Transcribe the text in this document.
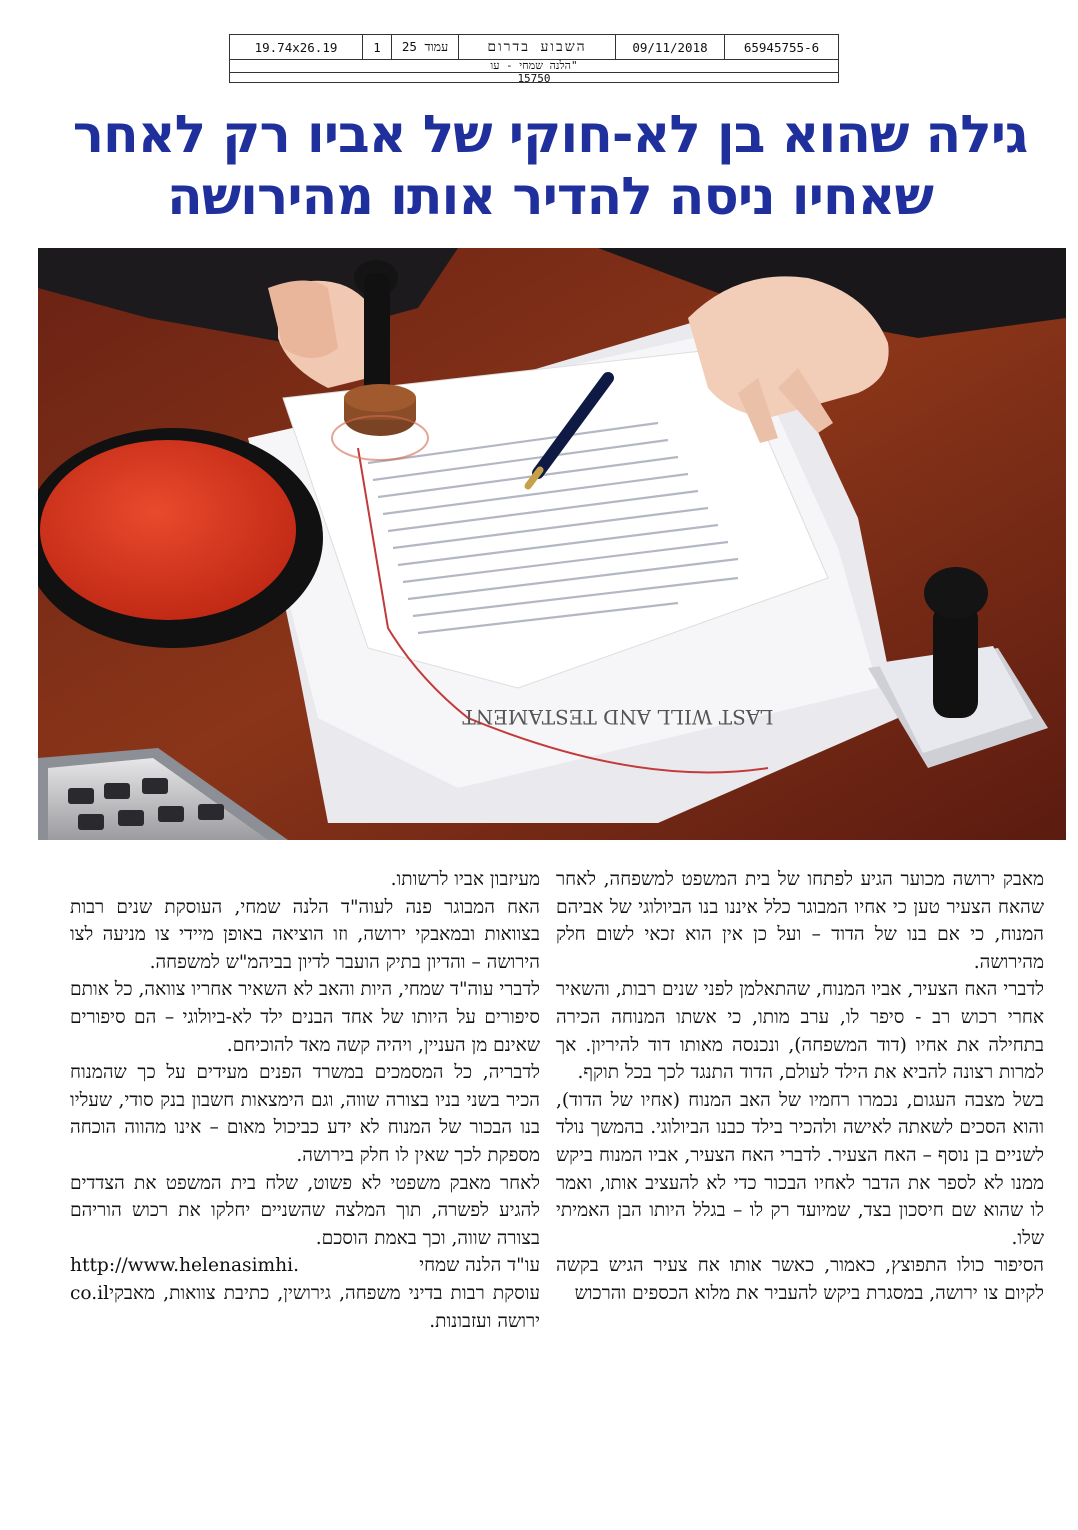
19.74x26.19	1	עמוד 25	השבוע בדרום	09/11/2018	65945755-6
"הלנה שמחי - עו
15750
גילה שהוא בן לא-חוקי של אביו רק לאחר
שאחיו ניסה להדיר אותו מהירושה
LAST WILL AND TESTAMENT

מאבק ירושה מכוער הגיע לפתחו של בית המשפט למשפחה, לאחר שהאח הצעיר טען כי אחיו המבוגר כלל איננו בנו הביולוגי של אביהם המנוח, כי אם בנו של הדוד – ועל כן אין הוא זכאי לשום חלק מהירושה.

לדברי האח הצעיר, אביו המנוח, שהתאלמן לפני שנים רבות, והשאיר אחרי רכוש רב - סיפר לו, ערב מותו, כי אשתו המנוחה הכירה בתחילה את אחיו (דוד המשפחה), ונכנסה מאותו דוד להיריון. אך למרות רצונה להביא את הילד לעולם, הדוד התנגד לכך בכל תוקף.

בשל מצבה העגום, נכמרו רחמיו של האב המנוח (אחיו של הדוד), והוא הסכים לשאתה לאישה ולהכיר בילד כבנו הביולוגי. בהמשך נולד לשניים בן נוסף – האח הצעיר. לדברי האח הצעיר, אביו המנוח ביקש ממנו לא לספר את הדבר לאחיו הבכור כדי לא להעציב אותו, ואמר לו שהוא שם חיסכון בצד, שמיועד רק לו – בגלל היותו הבן האמיתי שלו.

הסיפור כולו התפוצץ, כאמור, כאשר אותו אח צעיר הגיש בקשה לקיום צו ירושה, במסגרת ביקש להעביר את מלוא הכספים והרכוש

מעיזבון אביו לרשותו.

האח המבוגר פנה לעוה"ד הלנה שמחי, העוסקת שנים רבות בצוואות ובמאבקי ירושה, וזו הוציאה באופן מיידי צו מניעה לצו הירושה – והדיון בתיק הועבר לדיון בביהמ"ש למשפחה.

לדברי עוה"ד שמחי, היות והאב לא השאיר אחריו צוואה, כל אותם סיפורים על היותו של אחד הבנים ילד לא-ביולוגי – הם סיפורים שאינם מן העניין, ויהיה קשה מאד להוכיחם.

לדבריה, כל המסמכים במשרד הפנים מעידים על כך שהמנוח הכיר בשני בניו בצורה שווה, וגם הימצאות חשבון בנק סודי, שעליו בנו הבכור של המנוח לא ידע כביכול מאום – אינו מהווה הוכחה מספקת לכך שאין לו חלק בירושה.

לאחר מאבק משפטי לא פשוט, שלח בית המשפט את הצדדים להגיע לפשרה, תוך המלצה שהשניים יחלקו את רכוש הוריהם בצורה שווה, וכך באמת הוסכם.

עו"ד הלנה שמחי
http://www.helenasimhi.

co.il עוסקת רבות בדיני משפחה, גירושין, כתיבת צוואות, מאבקי ירושה ועזבונות.
